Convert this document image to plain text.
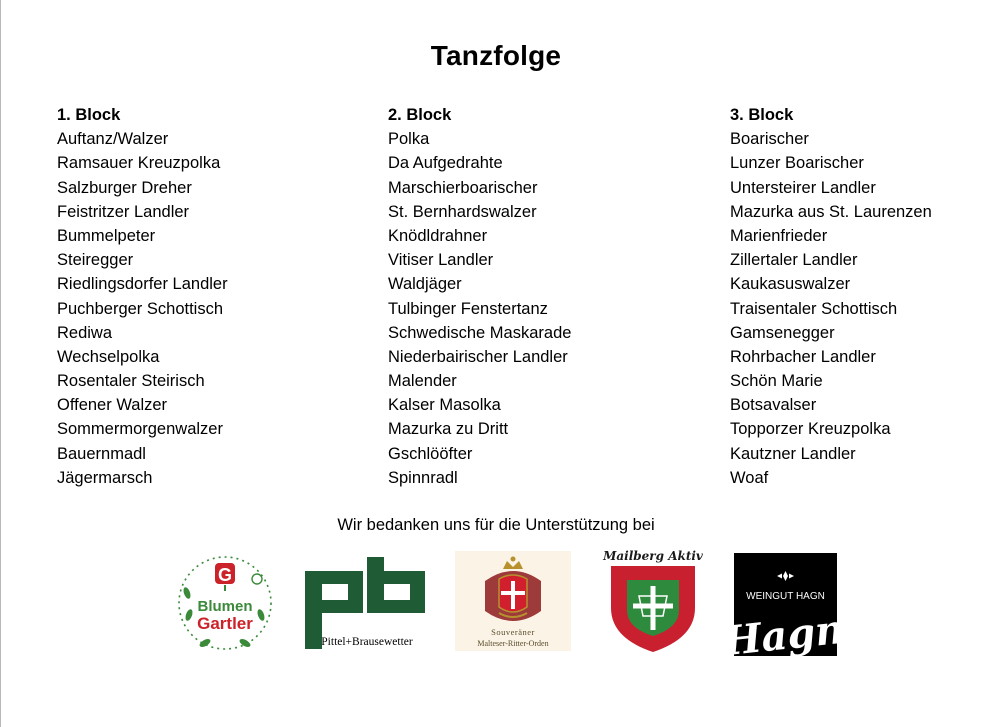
Tanzfolge
1. Block
Auftanz/Walzer
Ramsauer Kreuzpolka
Salzburger Dreher
Feistritzer Landler
Bummelpeter
Steiregger
Riedlingsdorfer Landler
Puchberger Schottisch
Rediwa
Wechselpolka
Rosentaler Steirisch
Offener Walzer
Sommermorgenwalzer
Bauernmadl
Jägermarsch
2. Block
Polka
Da Aufgedrahte
Marschierboarischer
St. Bernhardswalzer
Knödldrahner
Vitiser Landler
Waldjäger
Tulbinger Fenstertanz
Schwedische Maskarade
Niederbairischer Landler
Malender
Kalser Masolka
Mazurka zu Dritt
Gschlööfter
Spinnradl
3. Block
Boarischer
Lunzer Boarischer
Untersteirer Landler
Mazurka aus St. Laurenzen
Marienfrieder
Zillertaler Landler
Kaukasuswalzer
Traisentaler Schottisch
Gamsenegger
Rohrbacher Landler
Schön Marie
Botsavalser
Topporzer Kreuzpolka
Kautzner Landler
Woaf
Wir bedanken uns für die Unterstützung bei
G
Blumen
Gartler
Pittel+Brausewetter
Souveräner
Malteser-Ritter-Orden
Mailberg Aktiv
WEINGUT HAGN
Hagn
